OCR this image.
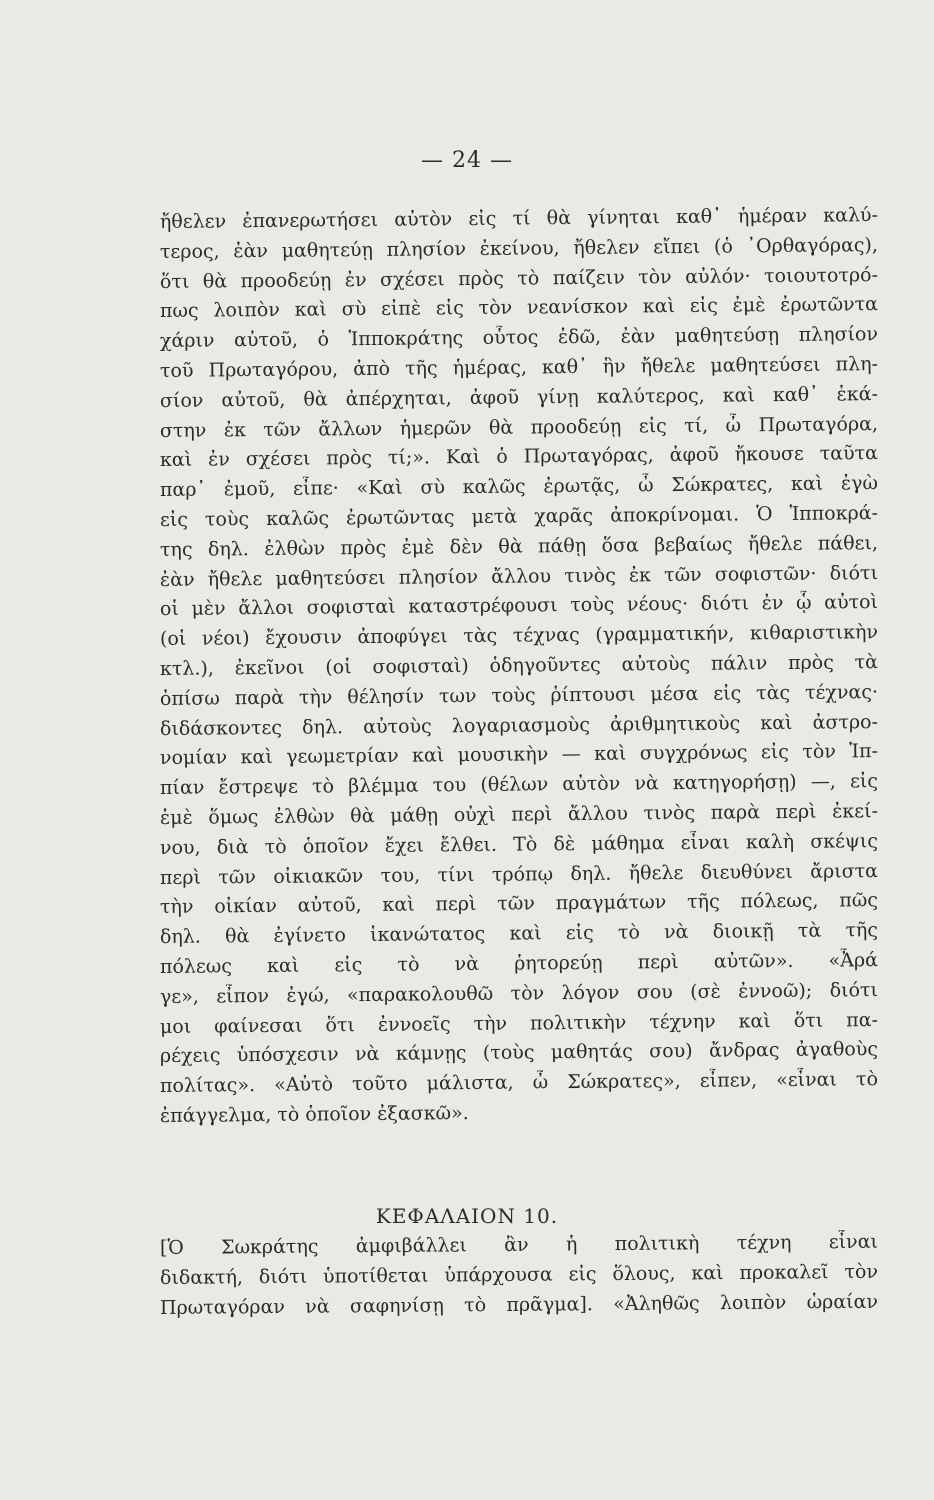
— 24 —
ἤθελεν ἐπανερωτήσει αὐτὸν εἰς τί θὰ γίνηται καθ᾽ ἡμέραν καλύ-
τερος, ἐὰν μαθητεύῃ πλησίον ἐκείνου, ἤθελεν εἴπει (ὁ ᾽Ορθαγόρας),
ὅτι θὰ προοδεύῃ ἐν σχέσει πρὸς τὸ παίζειν τὸν αὐλόν· τοιουτοτρό-
πως λοιπὸν καὶ σὺ εἰπὲ εἰς τὸν νεανίσκον καὶ εἰς ἐμὲ ἐρωτῶντα
χάριν αὐτοῦ, ὁ Ἱπποκράτης οὗτος ἐδῶ, ἐὰν μαθητεύσῃ πλησίον
τοῦ Πρωταγόρου, ἀπὸ τῆς ἡμέρας, καθ᾽ ἣν ἤθελε μαθητεύσει πλη-
σίον αὐτοῦ, θὰ ἀπέρχηται, ἀφοῦ γίνῃ καλύτερος, καὶ καθ᾽ ἑκά-
στην ἐκ τῶν ἄλλων ἡμερῶν θὰ προοδεύῃ εἰς τί, ὦ Πρωταγόρα,
καὶ ἐν σχέσει πρὸς τί;». Καὶ ὁ Πρωταγόρας, ἀφοῦ ἤκουσε ταῦτα
παρ᾽ ἐμοῦ, εἶπε· «Καὶ σὺ καλῶς ἐρωτᾷς, ὦ Σώκρατες, καὶ ἐγὼ
εἰς τοὺς καλῶς ἐρωτῶντας μετὰ χαρᾶς ἀποκρίνομαι. Ὁ Ἱπποκρά-
της δηλ. ἐλθὼν πρὸς ἐμὲ δὲν θὰ πάθῃ ὅσα βεβαίως ἤθελε πάθει,
ἐὰν ἤθελε μαθητεύσει πλησίον ἄλλου τινὸς ἐκ τῶν σοφιστῶν· διότι
οἱ μὲν ἄλλοι σοφισταὶ καταστρέφουσι τοὺς νέους· διότι ἐν ᾧ αὐτοὶ
(οἱ νέοι) ἔχουσιν ἀποφύγει τὰς τέχνας (γραμματικήν, κιθαριστικὴν
κτλ.), ἐκεῖνοι (οἱ σοφισταὶ) ὁδηγοῦντες αὐτοὺς πάλιν πρὸς τὰ
ὀπίσω παρὰ τὴν θέλησίν των τοὺς ῥίπτουσι μέσα εἰς τὰς τέχνας·
διδάσκοντες δηλ. αὐτοὺς λογαριασμοὺς ἀριθμητικοὺς καὶ ἀστρο-
νομίαν καὶ γεωμετρίαν καὶ μουσικὴν — καὶ συγχρόνως εἰς τὸν Ἱπ-
πίαν ἔστρεψε τὸ βλέμμα του (θέλων αὐτὸν νὰ κατηγορήσῃ) —, εἰς
ἐμὲ ὅμως ἐλθὼν θὰ μάθῃ οὐχὶ περὶ ἄλλου τινὸς παρὰ περὶ ἐκεί-
νου, διὰ τὸ ὁποῖον ἔχει ἔλθει. Τὸ δὲ μάθημα εἶναι καλὴ σκέψις
περὶ τῶν οἰκιακῶν του, τίνι τρόπῳ δηλ. ἤθελε διευθύνει ἄριστα
τὴν οἰκίαν αὐτοῦ, καὶ περὶ τῶν πραγμάτων τῆς πόλεως, πῶς
δηλ. θὰ ἐγίνετο ἱκανώτατος καὶ εἰς τὸ νὰ διοικῇ τὰ τῆς
πόλεως καὶ εἰς τὸ νὰ ῥητορεύῃ περὶ αὐτῶν». «Ἆρά
γε», εἶπον ἐγώ, «παρακολουθῶ τὸν λόγον σου (σὲ ἐννοῶ); διότι
μοι φαίνεσαι ὅτι ἐννοεῖς τὴν πολιτικὴν τέχνην καὶ ὅτι πα-
ρέχεις ὑπόσχεσιν νὰ κάμνῃς (τοὺς μαθητάς σου) ἄνδρας ἀγαθοὺς
πολίτας». «Αὐτὸ τοῦτο μάλιστα, ὦ Σώκρατες», εἶπεν, «εἶναι τὸ
ἐπάγγελμα, τὸ ὁποῖον ἐξασκῶ».
ΚΕΦΑΛΑΙΟΝ 10.
[Ὁ Σωκράτης ἀμφιβάλλει ἂν ἡ πολιτικὴ τέχνη εἶναι
διδακτή, διότι ὑποτίθεται ὑπάρχουσα εἰς ὅλους, καὶ προκαλεῖ τὸν
Πρωταγόραν νὰ σαφηνίσῃ τὸ πρᾶγμα]. «Ἀληθῶς λοιπὸν ὡραίαν
